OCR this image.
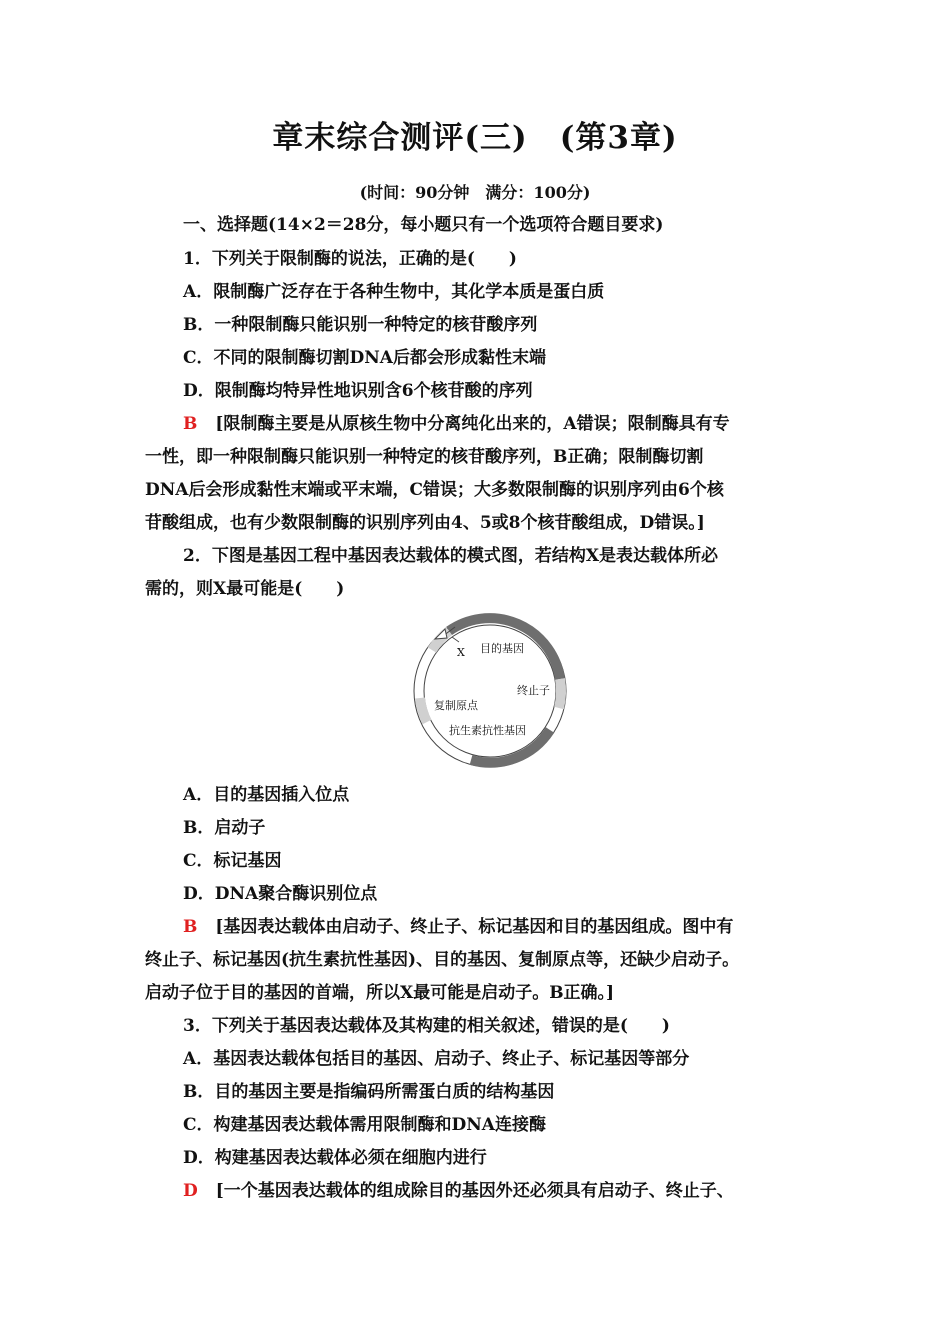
章末综合测评(三)　(第3章)
(时间：90分钟　满分：100分)
一、选择题(14×2＝28分，每小题只有一个选项符合题目要求)
1．下列关于限制酶的说法，正确的是(　　)
A．限制酶广泛存在于各种生物中，其化学本质是蛋白质
B．一种限制酶只能识别一种特定的核苷酸序列
C．不同的限制酶切割DNA后都会形成黏性末端
D．限制酶均特异性地识别含6个核苷酸的序列
B [限制酶主要是从原核生物中分离纯化出来的，A错误；限制酶具有专
一性，即一种限制酶只能识别一种特定的核苷酸序列，B正确；限制酶切割
DNA后会形成黏性末端或平末端，C错误；大多数限制酶的识别序列由6个核
苷酸组成，也有少数限制酶的识别序列由4、5或8个核苷酸组成，D错误。]
2．下图是基因工程中基因表达载体的模式图，若结构X是表达载体所必
需的，则X最可能是(　　)
X 目的基因
终止子
复制原点
抗生素抗性基因
A．目的基因插入位点
B．启动子
C．标记基因
D．DNA聚合酶识别位点
B [基因表达载体由启动子、终止子、标记基因和目的基因组成。图中有
终止子、标记基因(抗生素抗性基因)、目的基因、复制原点等，还缺少启动子。
启动子位于目的基因的首端，所以X最可能是启动子。B正确。]
3．下列关于基因表达载体及其构建的相关叙述，错误的是(　　)
A．基因表达载体包括目的基因、启动子、终止子、标记基因等部分
B．目的基因主要是指编码所需蛋白质的结构基因
C．构建基因表达载体需用限制酶和DNA连接酶
D．构建基因表达载体必须在细胞内进行
D [一个基因表达载体的组成除目的基因外还必须具有启动子、终止子、
